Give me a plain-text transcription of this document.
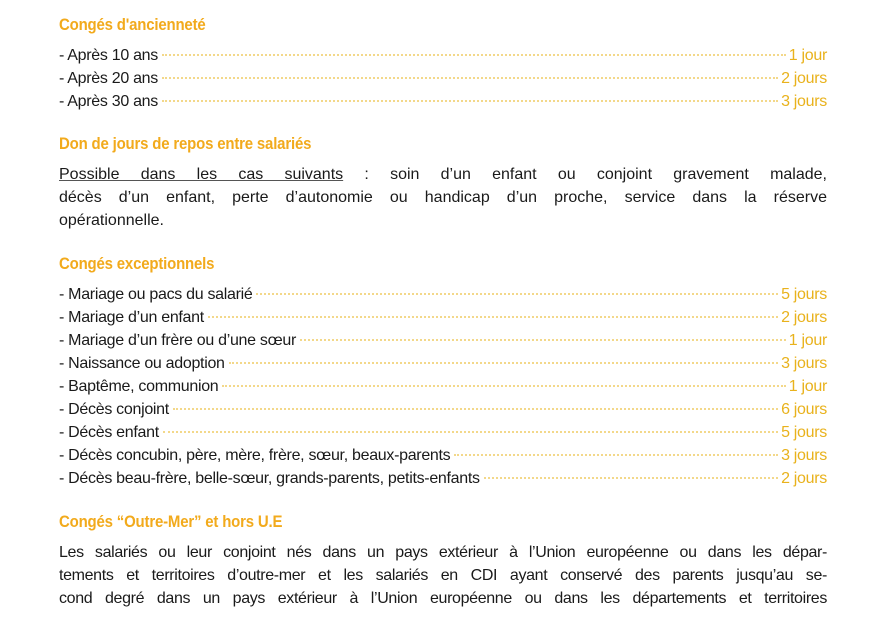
Congés d'ancienneté
- Après 10 ans	1 jour
- Après 20 ans	2 jours
- Après 30 ans	3 jours
Don de jours de repos entre salariés
Possible dans les cas suivants : soin d’un enfant ou conjoint gravement malade,
décès d’un enfant, perte d’autonomie ou handicap d’un proche, service dans la réserve
opérationnelle.
Congés exceptionnels
- Mariage ou pacs du salarié	5 jours
- Mariage d’un enfant	2 jours
- Mariage d’un frère ou d’une sœur	1 jour
- Naissance ou adoption	3 jours
- Baptême, communion	1 jour
- Décès conjoint	6 jours
- Décès enfant	5 jours
- Décès concubin, père, mère, frère, sœur, beaux-parents	3 jours
- Décès beau-frère, belle-sœur, grands-parents, petits-enfants	2 jours
Congés “Outre-Mer” et hors U.E
Les salariés ou leur conjoint nés dans un pays extérieur à l’Union européenne ou dans les dépar-
tements et territoires d’outre-mer et les salariés en CDI ayant conservé des parents jusqu’au se-
cond degré dans un pays extérieur à l’Union européenne ou dans les départements et territoires
